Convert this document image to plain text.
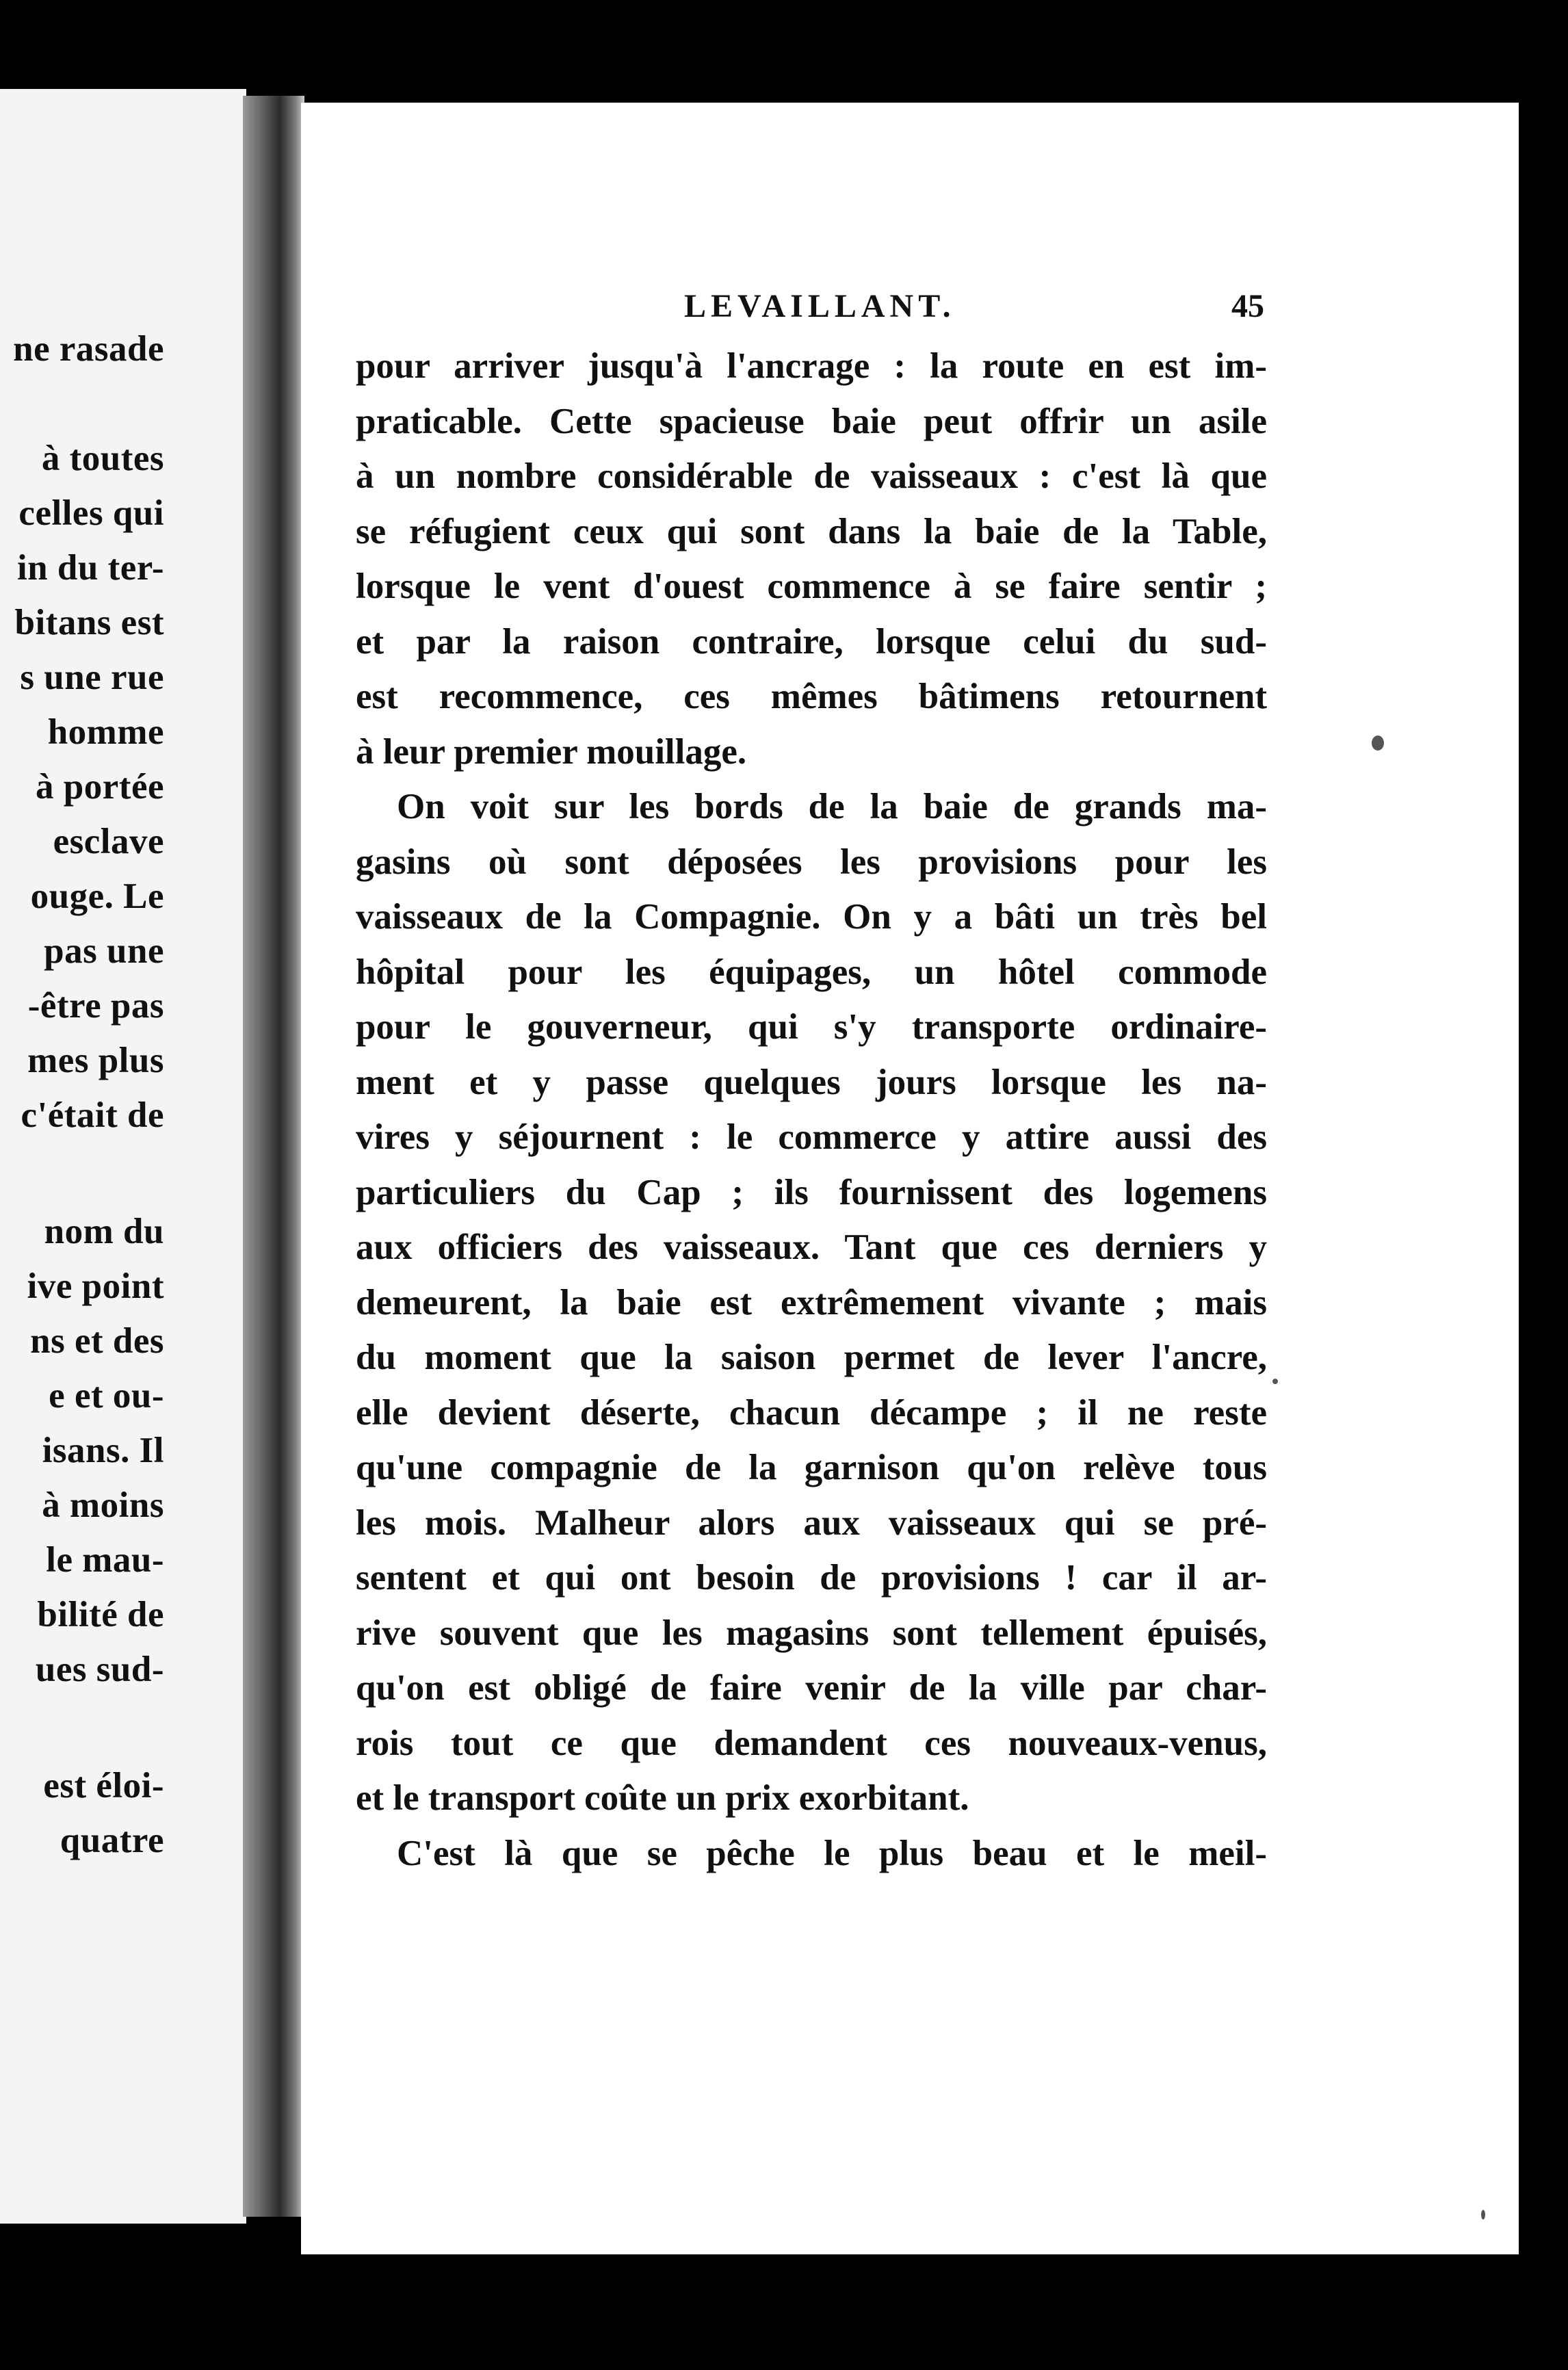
ne rasade
à toutes
celles qui
in du ter-
bitans est
s une rue
homme
à portée
esclave
ouge. Le
pas une
-être pas
mes plus
c'était de
nom du
ive point
ns et des
e et ou-
isans. Il
à moins
le mau-
bilité de
ues sud-
est éloi-
quatre
LEVAILLANT.	45
pour arriver jusqu'à l'ancrage : la route en est im-
praticable. Cette spacieuse baie peut offrir un asile
à un nombre considérable de vaisseaux : c'est là que
se réfugient ceux qui sont dans la baie de la Table,
lorsque le vent d'ouest commence à se faire sentir ;
et par la raison contraire, lorsque celui du sud-
est recommence, ces mêmes bâtimens retournent
à leur premier mouillage.
On voit sur les bords de la baie de grands ma-
gasins où sont déposées les provisions pour les
vaisseaux de la Compagnie. On y a bâti un très bel
hôpital pour les équipages, un hôtel commode
pour le gouverneur, qui s'y transporte ordinaire-
ment et y passe quelques jours lorsque les na-
vires y séjournent : le commerce y attire aussi des
particuliers du Cap ; ils fournissent des logemens
aux officiers des vaisseaux. Tant que ces derniers y
demeurent, la baie est extrêmement vivante ; mais
du moment que la saison permet de lever l'ancre,
elle devient déserte, chacun décampe ; il ne reste
qu'une compagnie de la garnison qu'on relève tous
les mois. Malheur alors aux vaisseaux qui se pré-
sentent et qui ont besoin de provisions ! car il ar-
rive souvent que les magasins sont tellement épuisés,
qu'on est obligé de faire venir de la ville par char-
rois tout ce que demandent ces nouveaux-venus,
et le transport coûte un prix exorbitant.
C'est là que se pêche le plus beau et le meil-
